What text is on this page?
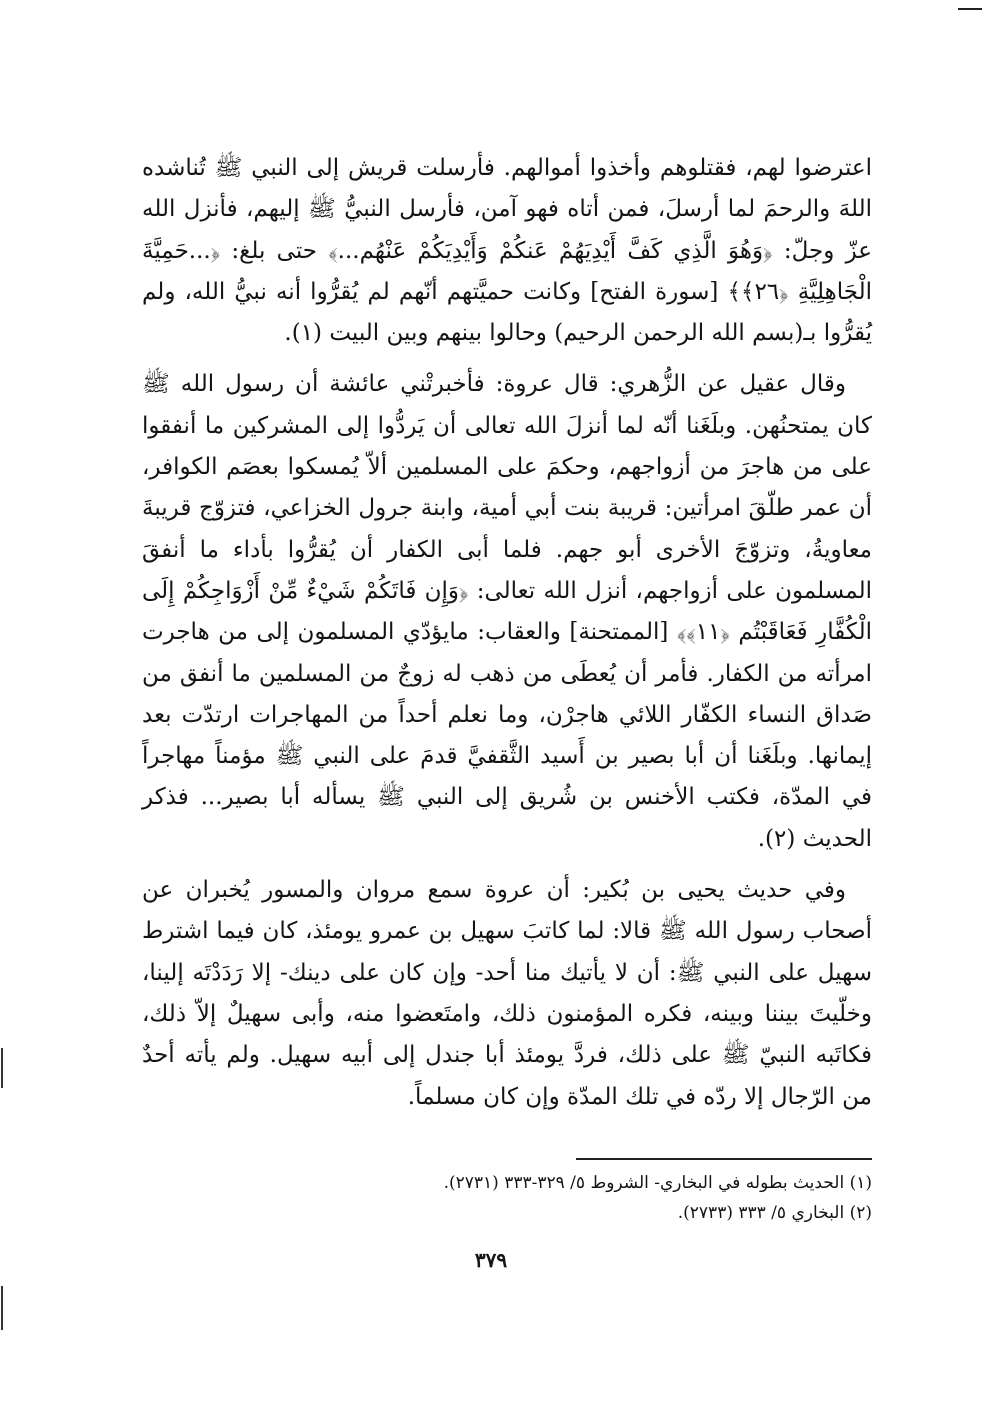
اعترضوا لهم، فقتلوهم وأخذوا أموالهم. فأرسلت قريش إلى النبي ﷺ تُناشده اللهَ والرحمَ لما أرسلَ، فمن أتاه فهو آمن، فأرسل النبيُّ ﷺ إليهم، فأنزل الله عزّ وجلّ: ﴿وَهُوَ الَّذِي كَفَّ أَيْدِيَهُمْ عَنكُمْ وَأَيْدِيَكُمْ عَنْهُم...﴾ حتى بلغ: ﴿...حَمِيَّةَ الْجَاهِلِيَّةِ ﴿٢٦﴾﴾ [سورة الفتح] وكانت حميَّتهم أنّهم لم يُقرُّوا أنه نبيُّ الله، ولم يُقرُّوا بـ(بسم الله الرحمن الرحيم) وحالوا بينهم وبين البيت (١).

وقال عقيل عن الزُّهري: قال عروة: فأخبرتْني عائشة أن رسول الله ﷺ كان يمتحنُهن. وبلَغَنا أنّه لما أنزلَ الله تعالى أن يَردُّوا إلى المشركين ما أنفقوا على من هاجرَ من أزواجهم، وحكمَ على المسلمين ألاّ يُمسكوا بعصَم الكوافر، أن عمر طلّقَ امرأتين: قريبة بنت أبي أمية، وابنة جرول الخزاعي، فتزوّج قريبةَ معاويةُ، وتزوّجَ الأخرى أبو جهم. فلما أبى الكفار أن يُقرُّوا بأداء ما أنفقَ المسلمون على أزواجهم، أنزل الله تعالى: ﴿وَإِن فَاتَكُمْ شَيْءٌ مِّنْ أَزْوَاجِكُمْ إِلَى الْكُفَّارِ فَعَاقَبْتُم ﴿١١﴾﴾ [الممتحنة] والعقاب: مايؤدّي المسلمون إلى من هاجرت امرأته من الكفار. فأمر أن يُعطَى من ذهب له زوجٌ من المسلمين ما أنفق من صَداق النساء الكفّار اللائي هاجرْن، وما نعلم أحداً من المهاجرات ارتدّت بعد إيمانها. وبلَغَنا أن أبا بصير بن أَسيد الثَّقفيَّ قدمَ على النبي ﷺ مؤمناً مهاجراً في المدّة، فكتب الأخنس بن شُريق إلى النبي ﷺ يسأله أبا بصير... فذكر الحديث (٢).

وفي حديث يحيى بن بُكير: أن عروة سمع مروان والمسور يُخبران عن أصحاب رسول الله ﷺ قالا: لما كاتبَ سهيل بن عمرو يومئذ، كان فيما اشترط سهيل على النبي ﷺ: أن لا يأتيك منا أحد- وإن كان على دينك- إلا رَدَدْتَه إلينا، وخلّيتَ بيننا وبينه، فكره المؤمنون ذلك، وامتَعضوا منه، وأبى سهيلٌ إلاّ ذلك، فكاتَبه النبيّ ﷺ على ذلك، فردَّ يومئذ أبا جندل إلى أبيه سهيل. ولم يأته أحدٌ من الرّجال إلا ردّه في تلك المدّة وإن كان مسلماً.

(١) الحديث بطوله في البخاري- الشروط ٥/ ٣٢٩-٣٣٣ (٢٧٣١).

(٢) البخاري ٥/ ٣٣٣ (٢٧٣٣).

٣٧٩
